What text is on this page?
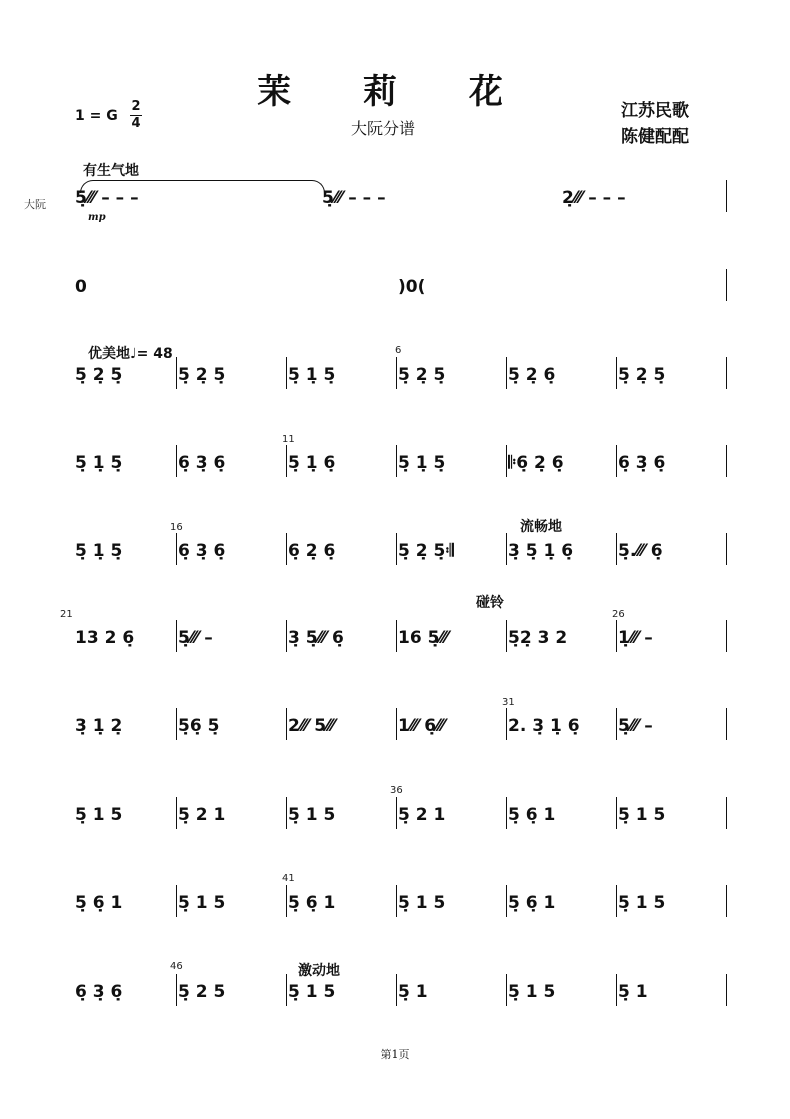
茉 莉 花
大阮分谱
江苏民歌
陈健配配
1 = G
2
4
大阮
有生气地
mp
优美地♩= 48
流畅地
碰铃
激动地
6
11
16
21	26
31
36
41
46
5̣⁄⁄⁄ – – –	5̣⁄⁄⁄ – – –	2̣⁄⁄⁄ – – –
0	)0(
5̣ 2̣ 5̣	5̣ 2̣ 5̣	5̣ 1̣ 5̣	5̣ 2̣ 5̣	5̣ 2̣ 6̣	5̣ 2̣ 5̣
5̣ 1̣ 5̣	6̣ 3̣ 6̣	5̣ 1̣ 6̣	5̣ 1̣ 5̣	𝄆6̣ 2̣ 6̣	6̣ 3̣ 6̣
5̣ 1̣ 5̣	6̣ 3̣ 6̣	6̣ 2̣ 6̣	5̣ 2̣ 5̣𝄇	3̣ 5̣ 1̣ 6̣	5̣.⁄⁄⁄ 6̣
13 2 6̣	5̣⁄⁄⁄ –	3̣ 5̣⁄⁄⁄ 6̣	16 5̣⁄⁄⁄	5̣2̣ 3 2	1̣⁄⁄⁄ –
3̣ 1̣ 2̣	5̣6̣ 5̣	2⁄⁄⁄ 5⁄⁄⁄	1⁄⁄⁄ 6̣⁄⁄⁄	2. 3̣ 1̣ 6̣	5̣⁄⁄⁄ –
5̣ 1 5	5̣ 2 1	5̣ 1 5	5̣ 2 1	5̣ 6̣ 1	5̣ 1 5
5̣ 6̣ 1	5̣ 1 5	5̣ 6̣ 1	5̣ 1 5	5̣ 6̣ 1	5̣ 1 5
6̣ 3̣ 6̣	5̣ 2 5	5̣ 1 5	5̣ 1	5̣ 1 5	5̣ 1
第1页
